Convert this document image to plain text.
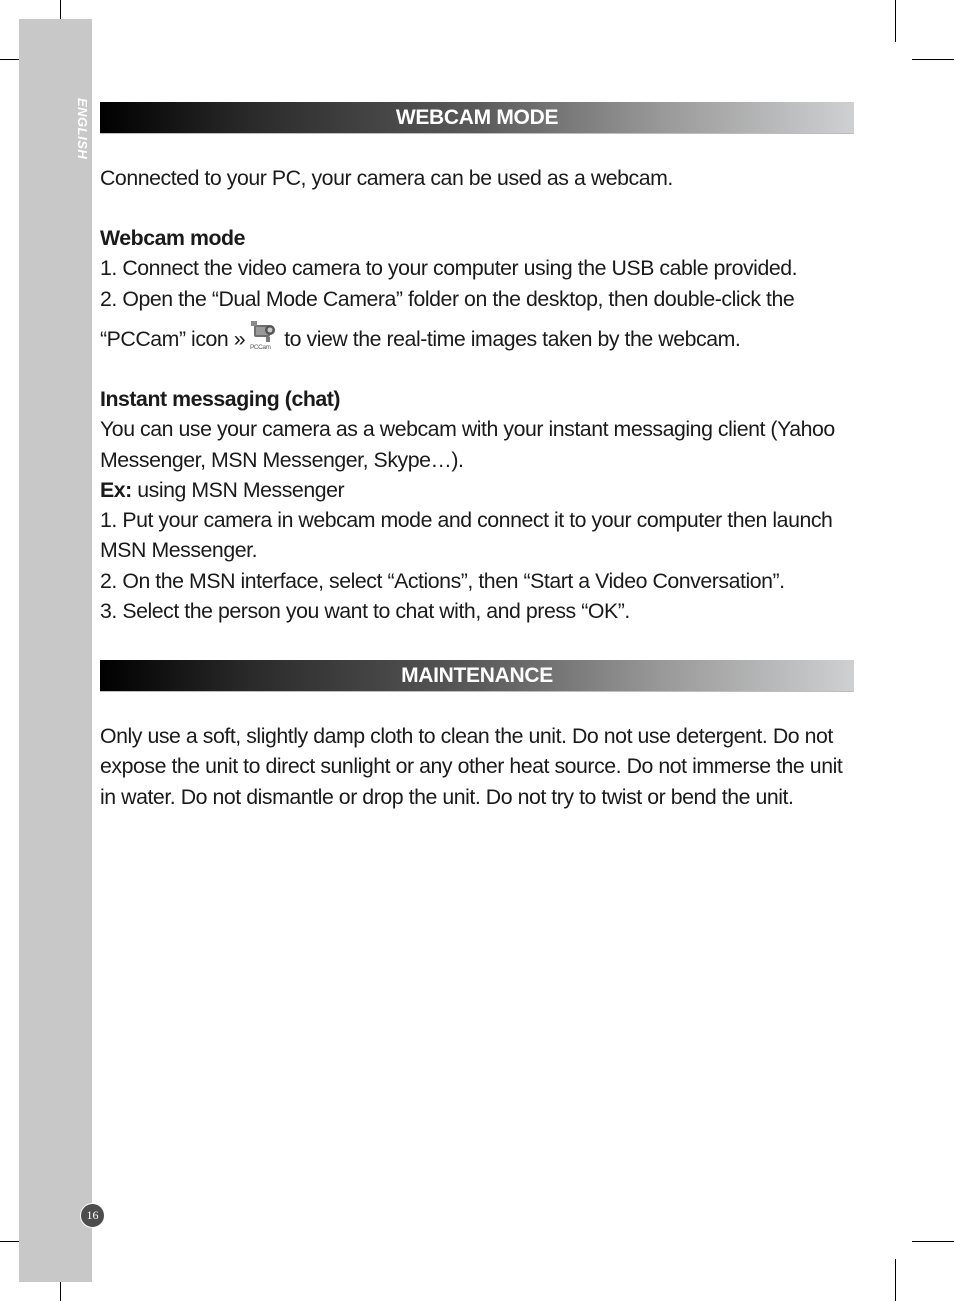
ENGLISH
16
WEBCAM MODE
Connected to your PC, your camera can be used as a webcam.
Webcam mode
1. Connect the video camera to your computer using the USB cable provided.
2. Open the “Dual Mode Camera” folder on the desktop, then double-click the
“PCCam” icon » PCCam to view the real-time images taken by the webcam.
Instant messaging (chat)
You can use your camera as a webcam with your instant messaging client (Yahoo
Messenger, MSN Messenger, Skype…).
Ex: using MSN Messenger
1. Put your camera in webcam mode and connect it to your computer then launch
MSN Messenger.
2. On the MSN interface, select “Actions”, then “Start a Video Conversation”.
3. Select the person you want to chat with, and press “OK”.
MAINTENANCE
Only use a soft, slightly damp cloth to clean the unit. Do not use detergent. Do not
expose the unit to direct sunlight or any other heat source. Do not immerse the unit
in water. Do not dismantle or drop the unit. Do not try to twist or bend the unit.
